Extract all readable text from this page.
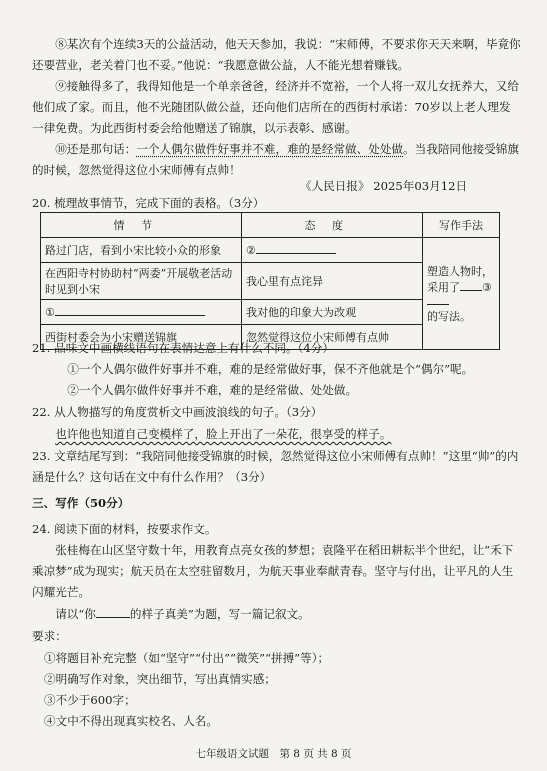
⑧某次有个连续3天的公益活动，他天天参加，我说：“宋师傅，不要求你天天来啊，毕竟你还要营业，老关着门也不妥。”他说：“我愿意做公益，人不能光想着赚钱。

⑨接触得多了，我得知他是一个单亲爸爸，经济并不宽裕，一个人将一双儿女抚养大，又给他们成了家。而且，他不光随团队做公益，还向他们店所在的西街村承诺：70岁以上老人理发一律免费。为此西街村委会给他赠送了锦旗，以示表彰、感谢。

⑩还是那句话：一个人偶尔做件好事并不难，难的是经常做、处处做。当我陪同他接受锦旗的时候，忽然觉得这位小宋师傅有点帅！

《人民日报》 2025年03月12日

20. 梳理故事情节，完成下面的表格。（3分）

情节	态度	写作手法
路过门店，看到小宋比较小众的形象	②	塑造人物时，采用了 ③
的写法。
在西阳寺村协助村“两委”开展敬老活动时见到小宋	我心里有点诧异	
①	我对他的印象大为改观	
西街村委会为小宋赠送锦旗	忽然觉得这位小宋师傅有点帅	

21. 品味文中画横线语句在表情达意上有什么不同。（4分）

①一个人偶尔做件好事并不难，难的是经常做好事，保不齐他就是个“偶尔”呢。

②一个人偶尔做件好事并不难，难的是经常做、处处做。

22. 从人物描写的角度赏析文中画波浪线的句子。（3分）

也许他也知道自己变模样了，脸上开出了一朵花，很享受的样子。

23. 文章结尾写到：“我陪同他接受锦旗的时候，忽然觉得这位小宋师傅有点帅！”这里“帅”的内涵是什么？这句话在文中有什么作用？（3分）

三、写作（50分）

24. 阅读下面的材料，按要求作文。

张桂梅在山区坚守数十年，用教育点亮女孩的梦想；袁隆平在稻田耕耘半个世纪，让“禾下乘凉梦”成为现实；航天员在太空驻留数月，为航天事业奉献青春。坚守与付出，让平凡的人生闪耀光芒。

请以“你	的样子真美”为题，写一篇记叙文。

要求：

①将题目补充完整（如“坚守”“付出”“微笑”“拼搏”等）；

②明确写作对象，突出细节，写出真情实感；

③不少于600字；

④文中不得出现真实校名、人名。

七年级语文试题　第 8 页 共 8 页
